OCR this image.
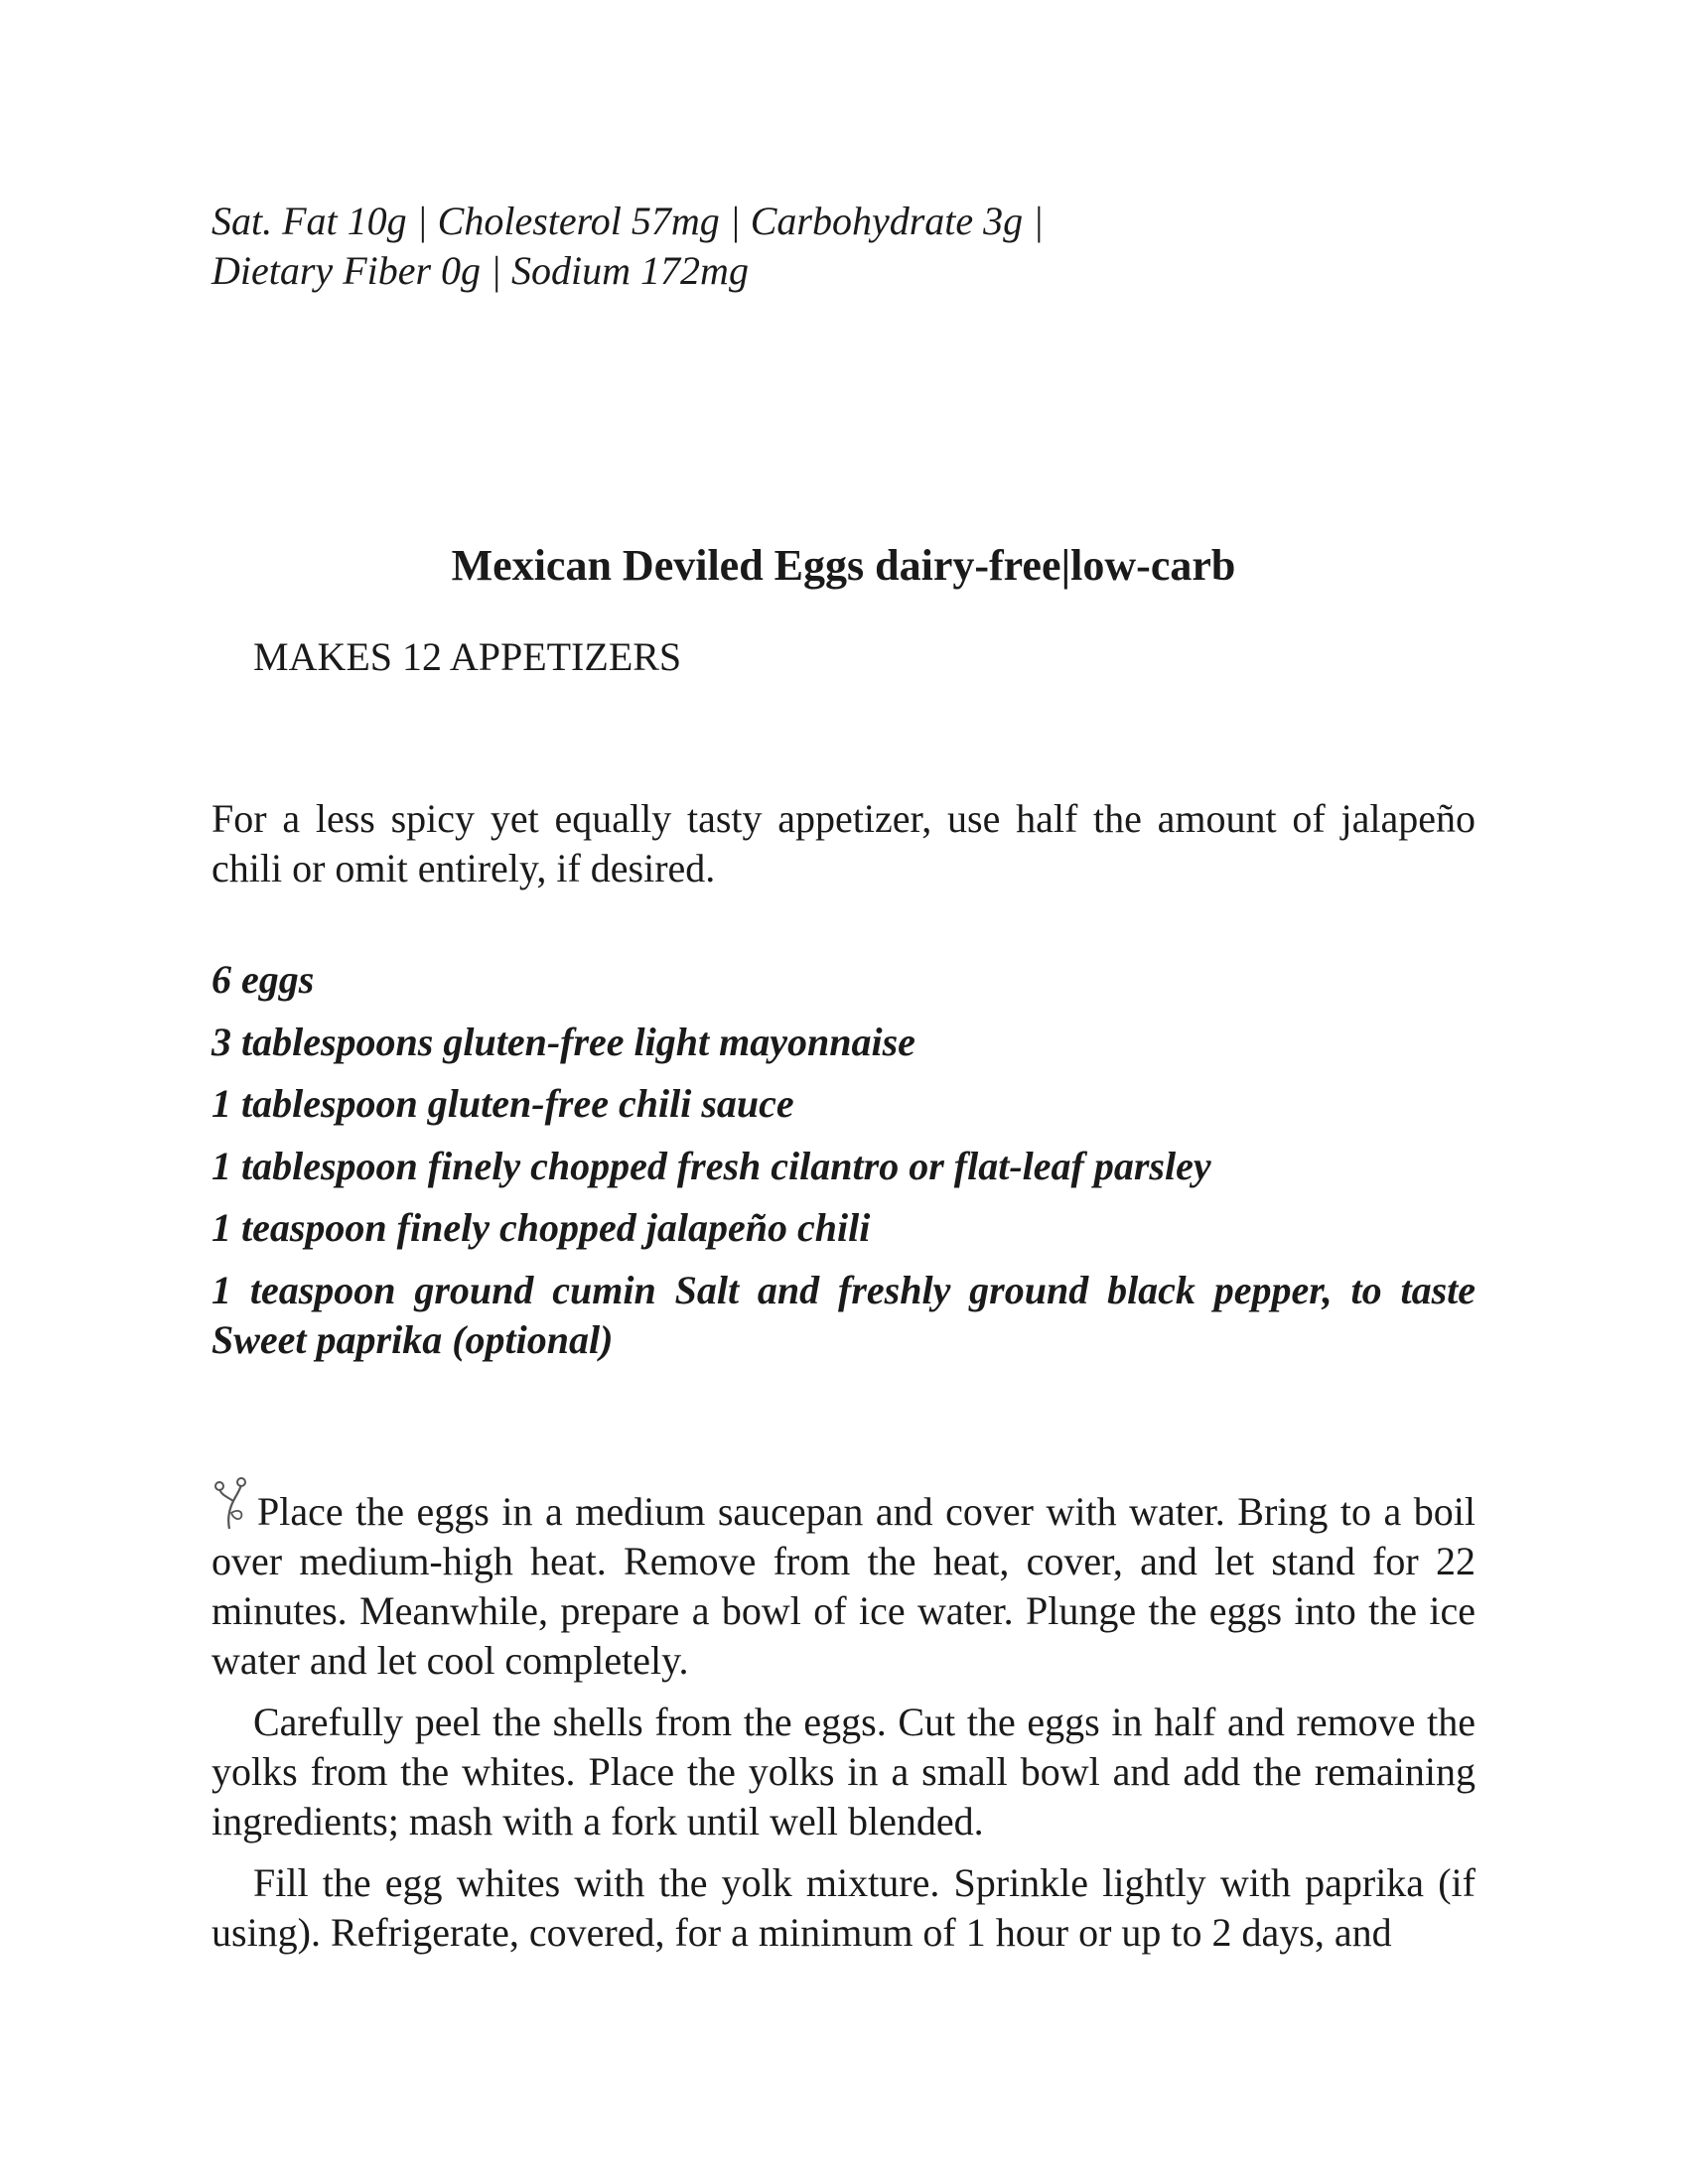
Sat. Fat 10g | Cholesterol 57mg | Carbohydrate 3g |
Dietary Fiber 0g | Sodium 172mg
Mexican Deviled Eggs dairy-free|low-carb
MAKES 12 APPETIZERS

For a less spicy yet equally tasty appetizer, use half the amount of jalapeño chili or omit entirely, if desired.

6 eggs
3 tablespoons gluten-free light mayonnaise
1 tablespoon gluten-free chili sauce
1 tablespoon finely chopped fresh cilantro or flat-leaf parsley
1 teaspoon finely chopped jalapeño chili
1 teaspoon ground cumin Salt and freshly ground black pepper, to taste Sweet paprika (optional)

Place the eggs in a medium saucepan and cover with water. Bring to a boil over medium-high heat. Remove from the heat, cover, and let stand for 22 minutes. Meanwhile, prepare a bowl of ice water. Plunge the eggs into the ice water and let cool completely.

Carefully peel the shells from the eggs. Cut the eggs in half and remove the yolks from the whites. Place the yolks in a small bowl and add the remaining ingredients; mash with a fork until well blended.

Fill the egg whites with the yolk mixture. Sprinkle lightly with paprika (if using). Refrigerate, covered, for a minimum of 1 hour or up to 2 days, and
